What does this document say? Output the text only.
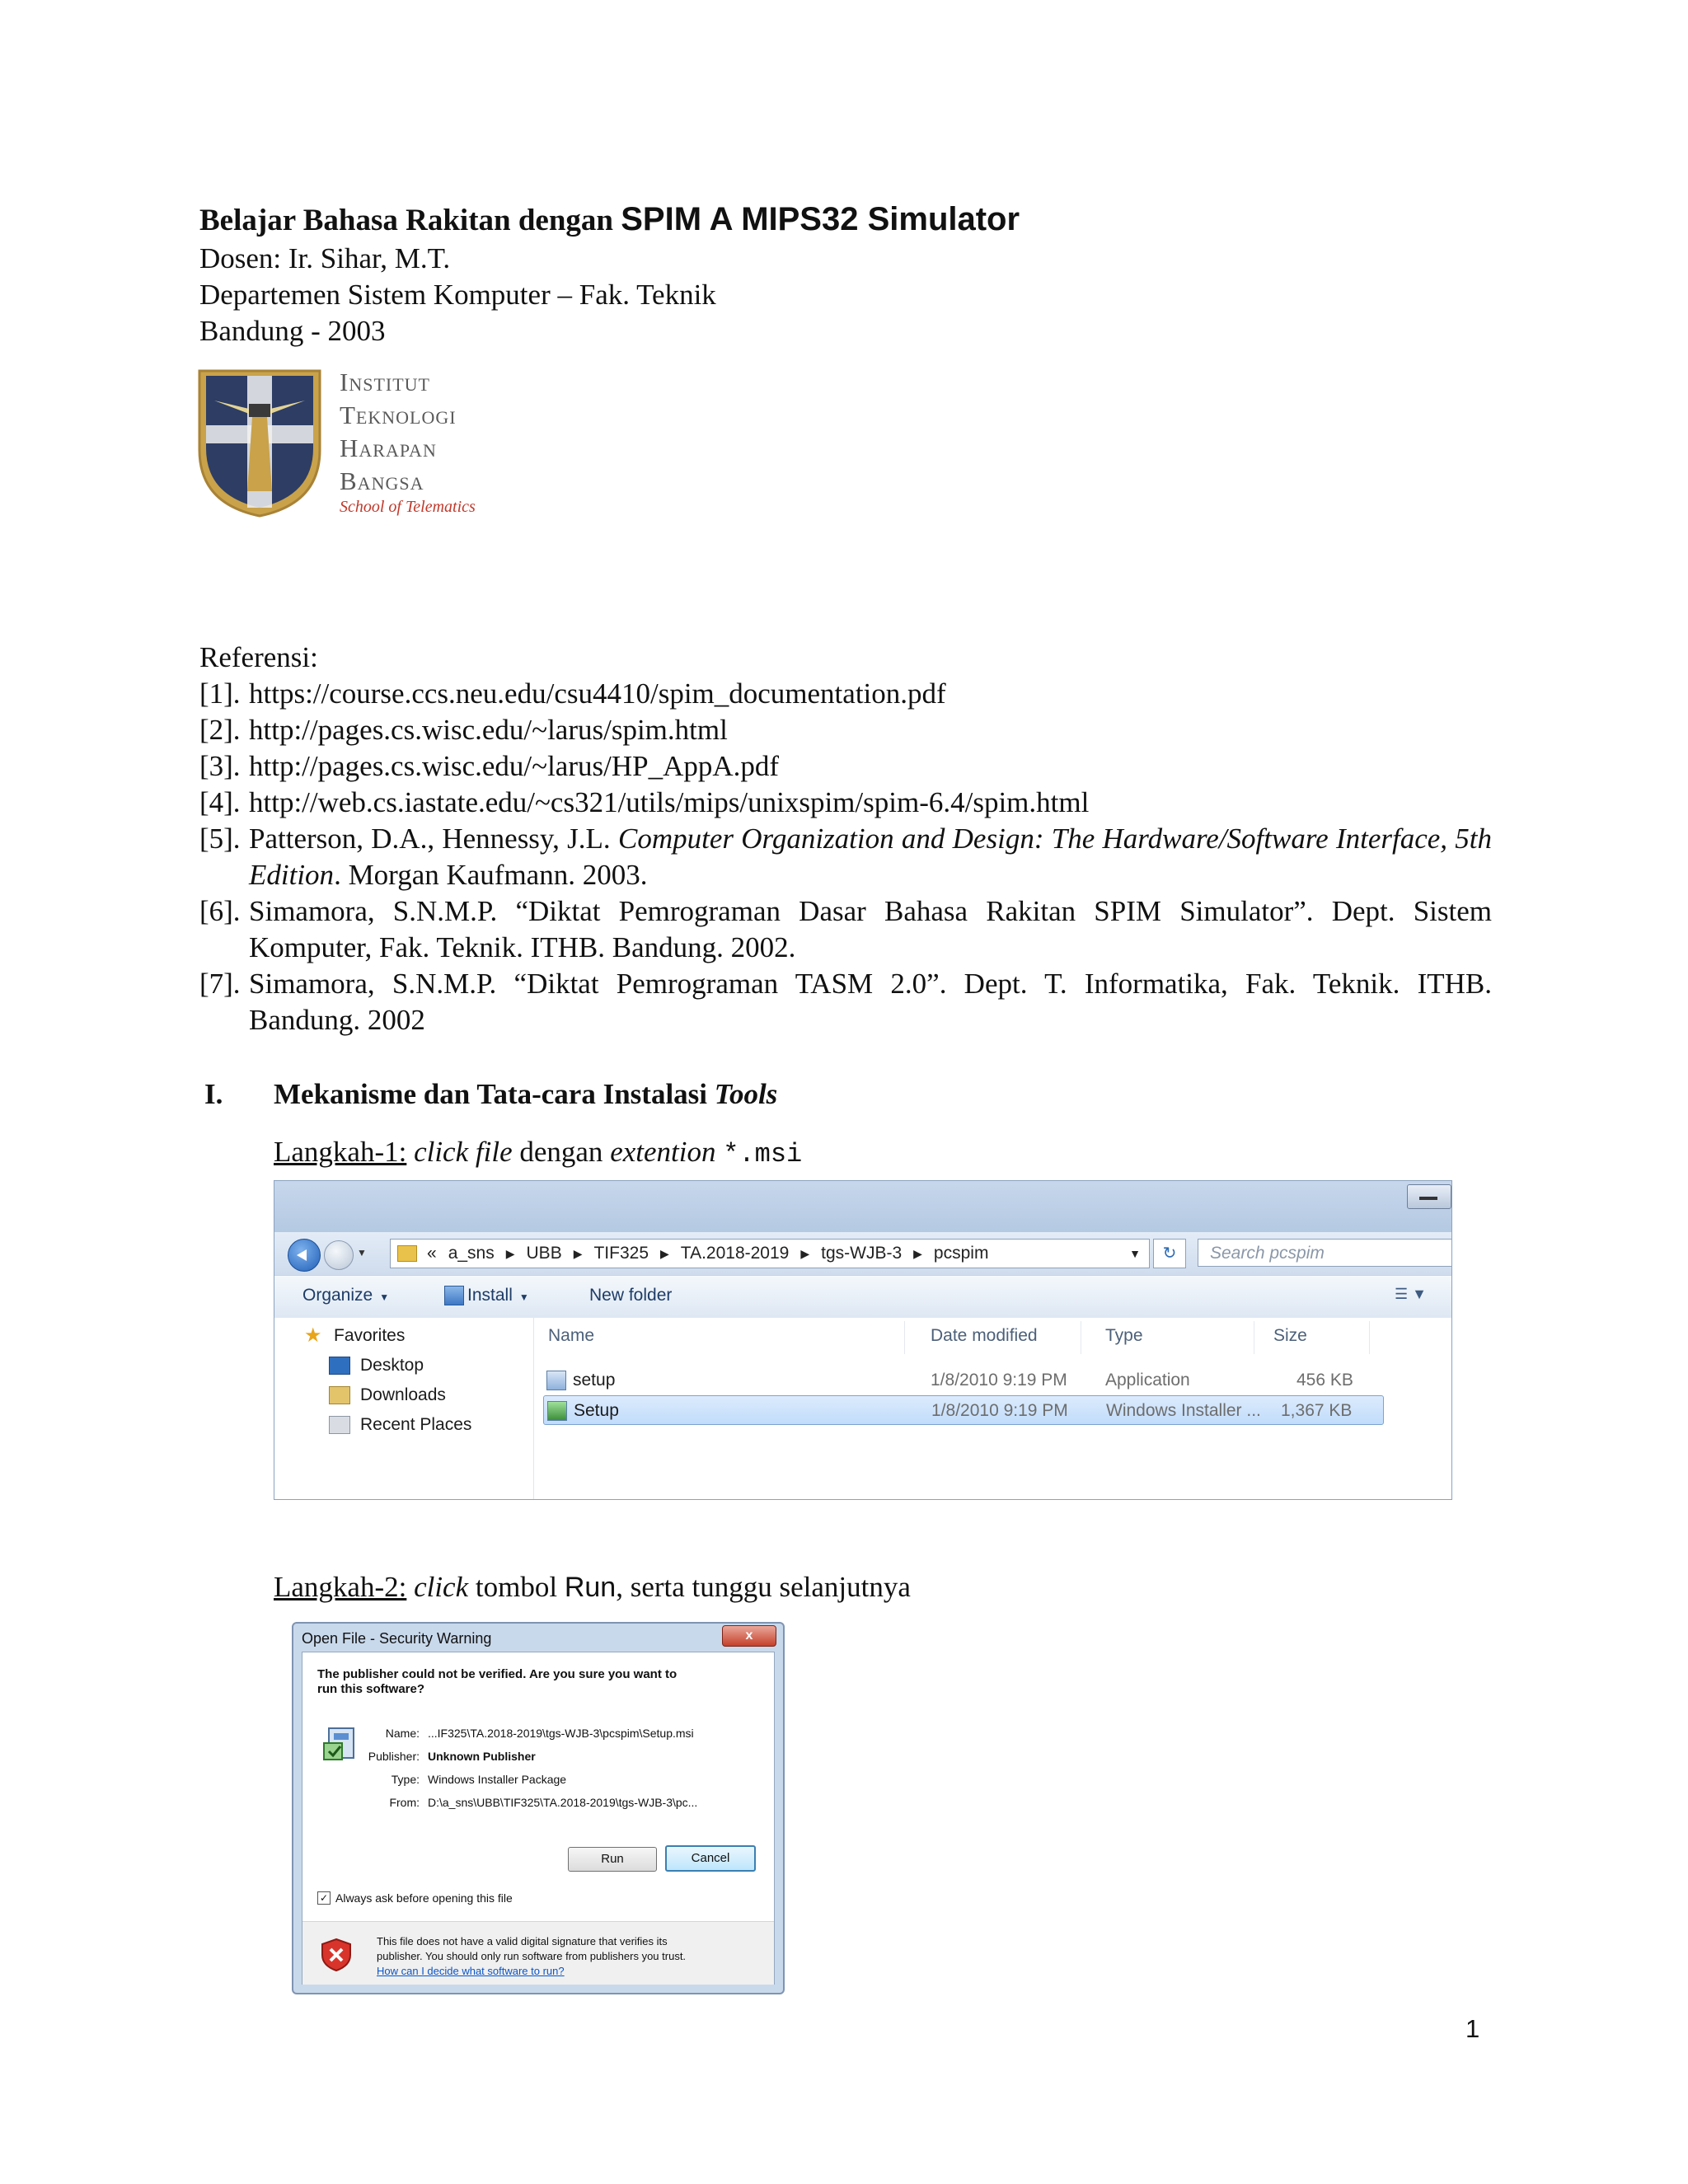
Belajar Bahasa Rakitan dengan SPIM A MIPS32 Simulator
Dosen: Ir. Sihar, M.T.
Departemen Sistem Komputer – Fak. Teknik
Bandung - 2003
Institut
Teknologi
Harapan
Bangsa
School of Telematics
Referensi:
[1]. https://course.ccs.neu.edu/csu4410/spim_documentation.pdf
[2]. http://pages.cs.wisc.edu/~larus/spim.html
[3]. http://pages.cs.wisc.edu/~larus/HP_AppA.pdf
[4]. http://web.cs.iastate.edu/~cs321/utils/mips/unixspim/spim-6.4/spim.html
[5]. Patterson, D.A., Hennessy, J.L. Computer Organization and Design: The Hardware/Software Interface, 5th Edition. Morgan Kaufmann. 2003.
[6]. Simamora, S.N.M.P. “Diktat Pemrograman Dasar Bahasa Rakitan SPIM Simulator”. Dept. Sistem Komputer, Fak. Teknik. ITHB. Bandung. 2002.
[7]. Simamora, S.N.M.P. “Diktat Pemrograman TASM 2.0”. Dept. T. Informatika, Fak. Teknik. ITHB. Bandung. 2002
I. Mekanisme dan Tata-cara Instalasi Tools
Langkah-1: click file dengan extention *.msi
▼	« a_sns ▶ UBB ▶ TIF325 ▶ TA.2018-2019 ▶ tgs-WJB-3 ▶ pcspim	▼	↻	Search pcspim
Organize ▼	Install ▼	New folder	☰ ▼
★ Favorites
Desktop
Downloads
Recent Places
Name	Date modified	Type	Size
setup	1/8/2010 9:19 PM Application	456 KB
Setup	1/8/2010 9:19 PM Windows Installer ... 1,367 KB
Langkah-2: click tombol Run, serta tunggu selanjutnya
Open File - Security Warning	x
The publisher could not be verified. Are you sure you want to
run this software?
Name: ...IF325\TA.2018-2019\tgs-WJB-3\pcspim\Setup.msi
Publisher: Unknown Publisher
Type: Windows Installer Package
From: D:\a_sns\UBB\TIF325\TA.2018-2019\tgs-WJB-3\pc...
Run	Cancel
✓ Always ask before opening this file
This file does not have a valid digital signature that verifies its
publisher. You should only run software from publishers you trust.
How can I decide what software to run?
1
